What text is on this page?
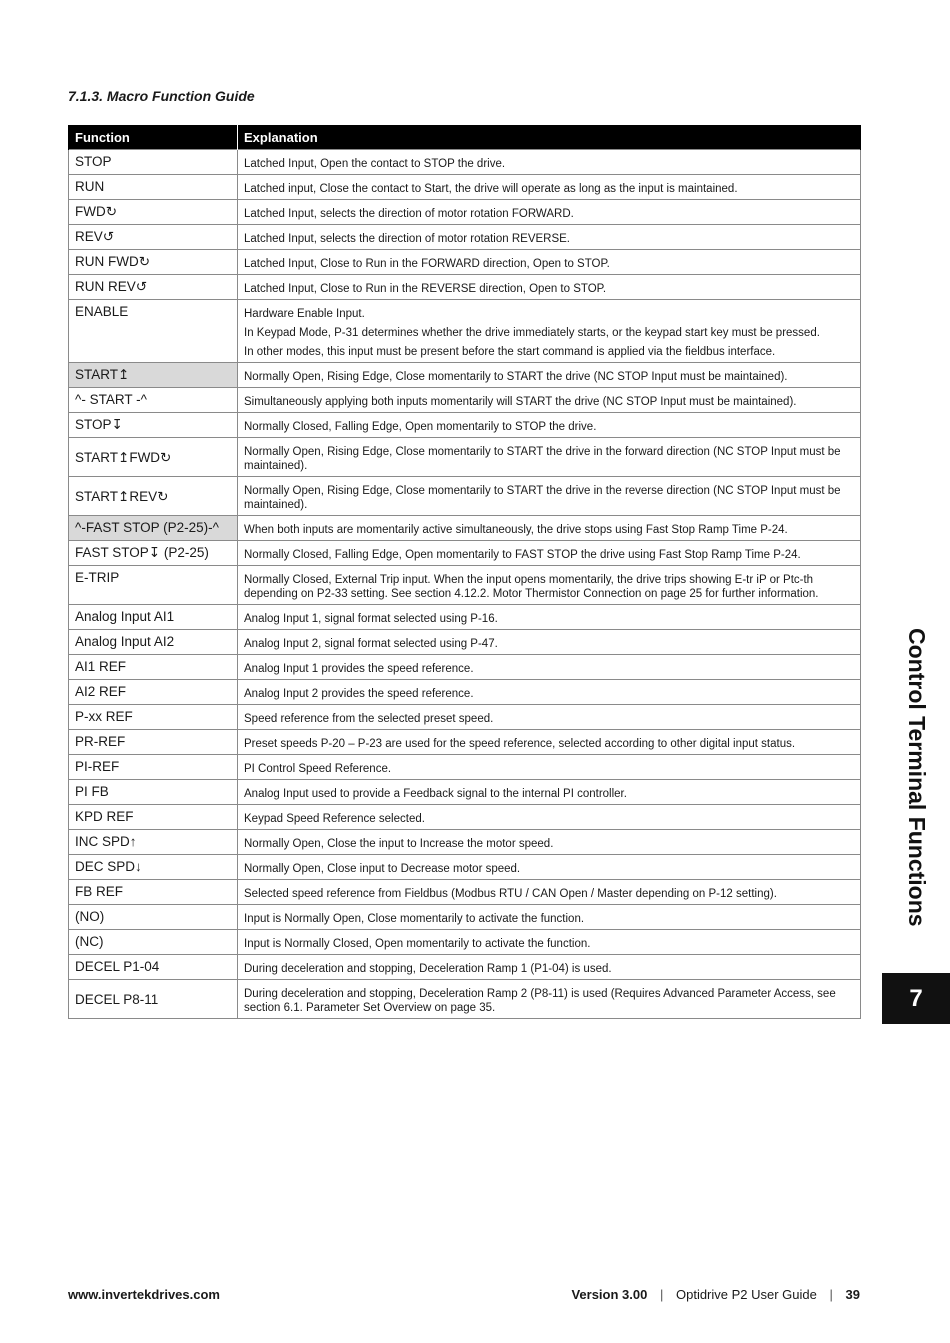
7.1.3. Macro Function Guide
Function	Explanation
STOP	Latched Input, Open the contact to STOP the drive.

RUN	Latched input, Close the contact to Start, the drive will operate as long as the input is maintained.

FWD↻	Latched Input, selects the direction of motor rotation FORWARD.

REV↺	Latched Input, selects the direction of motor rotation REVERSE.

RUN FWD↻	Latched Input, Close to Run in the FORWARD direction, Open to STOP.

RUN REV↺	Latched Input, Close to Run in the REVERSE direction, Open to STOP.

ENABLE	Hardware Enable Input.
In Keypad Mode, P-31 determines whether the drive immediately starts, or the keypad start key must be pressed.
In other modes, this input must be present before the start command is applied via the fieldbus interface.

START↥	Normally Open, Rising Edge, Close momentarily to START the drive (NC STOP Input must be maintained).

^- START -^	Simultaneously applying both inputs momentarily will START the drive (NC STOP Input must be maintained).

STOP↧	Normally Closed, Falling Edge, Open momentarily to STOP the drive.

START↥FWD↻	Normally Open, Rising Edge, Close momentarily to START the drive in the forward direction (NC STOP Input must be maintained).

START↥REV↻	Normally Open, Rising Edge, Close momentarily to START the drive in the reverse direction (NC STOP Input must be maintained).

^-FAST STOP (P2-25)-^	When both inputs are momentarily active simultaneously, the drive stops using Fast Stop Ramp Time P-24.

FAST STOP↧ (P2-25)	Normally Closed, Falling Edge, Open momentarily to FAST STOP the drive using Fast Stop Ramp Time P-24.

E-TRIP	Normally Closed, External Trip input. When the input opens momentarily, the drive trips showing E-tr iP or Ptc-th depending on P2-33 setting. See section 4.12.2. Motor Thermistor Connection on page 25 for further information.

Analog Input AI1	Analog Input 1, signal format selected using P-16.

Analog Input AI2	Analog Input 2, signal format selected using P-47.

AI1 REF	Analog Input 1 provides the speed reference.

AI2 REF	Analog Input 2 provides the speed reference.

P-xx REF	Speed reference from the selected preset speed.

PR-REF	Preset speeds P-20 – P-23 are used for the speed reference, selected according to other digital input status.

PI-REF	PI Control Speed Reference.

PI FB	Analog Input used to provide a Feedback signal to the internal PI controller.

KPD REF	Keypad Speed Reference selected.

INC SPD↑	Normally Open, Close the input to Increase the motor speed.

DEC SPD↓	Normally Open, Close input to Decrease motor speed.

FB REF	Selected speed reference from Fieldbus (Modbus RTU / CAN Open / Master depending on P-12 setting).

(NO)	Input is Normally Open, Close momentarily to activate the function.

(NC)	Input is Normally Closed, Open momentarily to activate the function.

DECEL P1-04	During deceleration and stopping, Deceleration Ramp 1 (P1-04) is used.

DECEL P8-11	During deceleration and stopping, Deceleration Ramp 2 (P8-11) is used (Requires Advanced Parameter Access, see section 6.1. Parameter Set Overview on page 35.
Control Terminal Functions
7
www.invertekdrives.com	Version 3.00 | Optidrive P2 User Guide | 39
